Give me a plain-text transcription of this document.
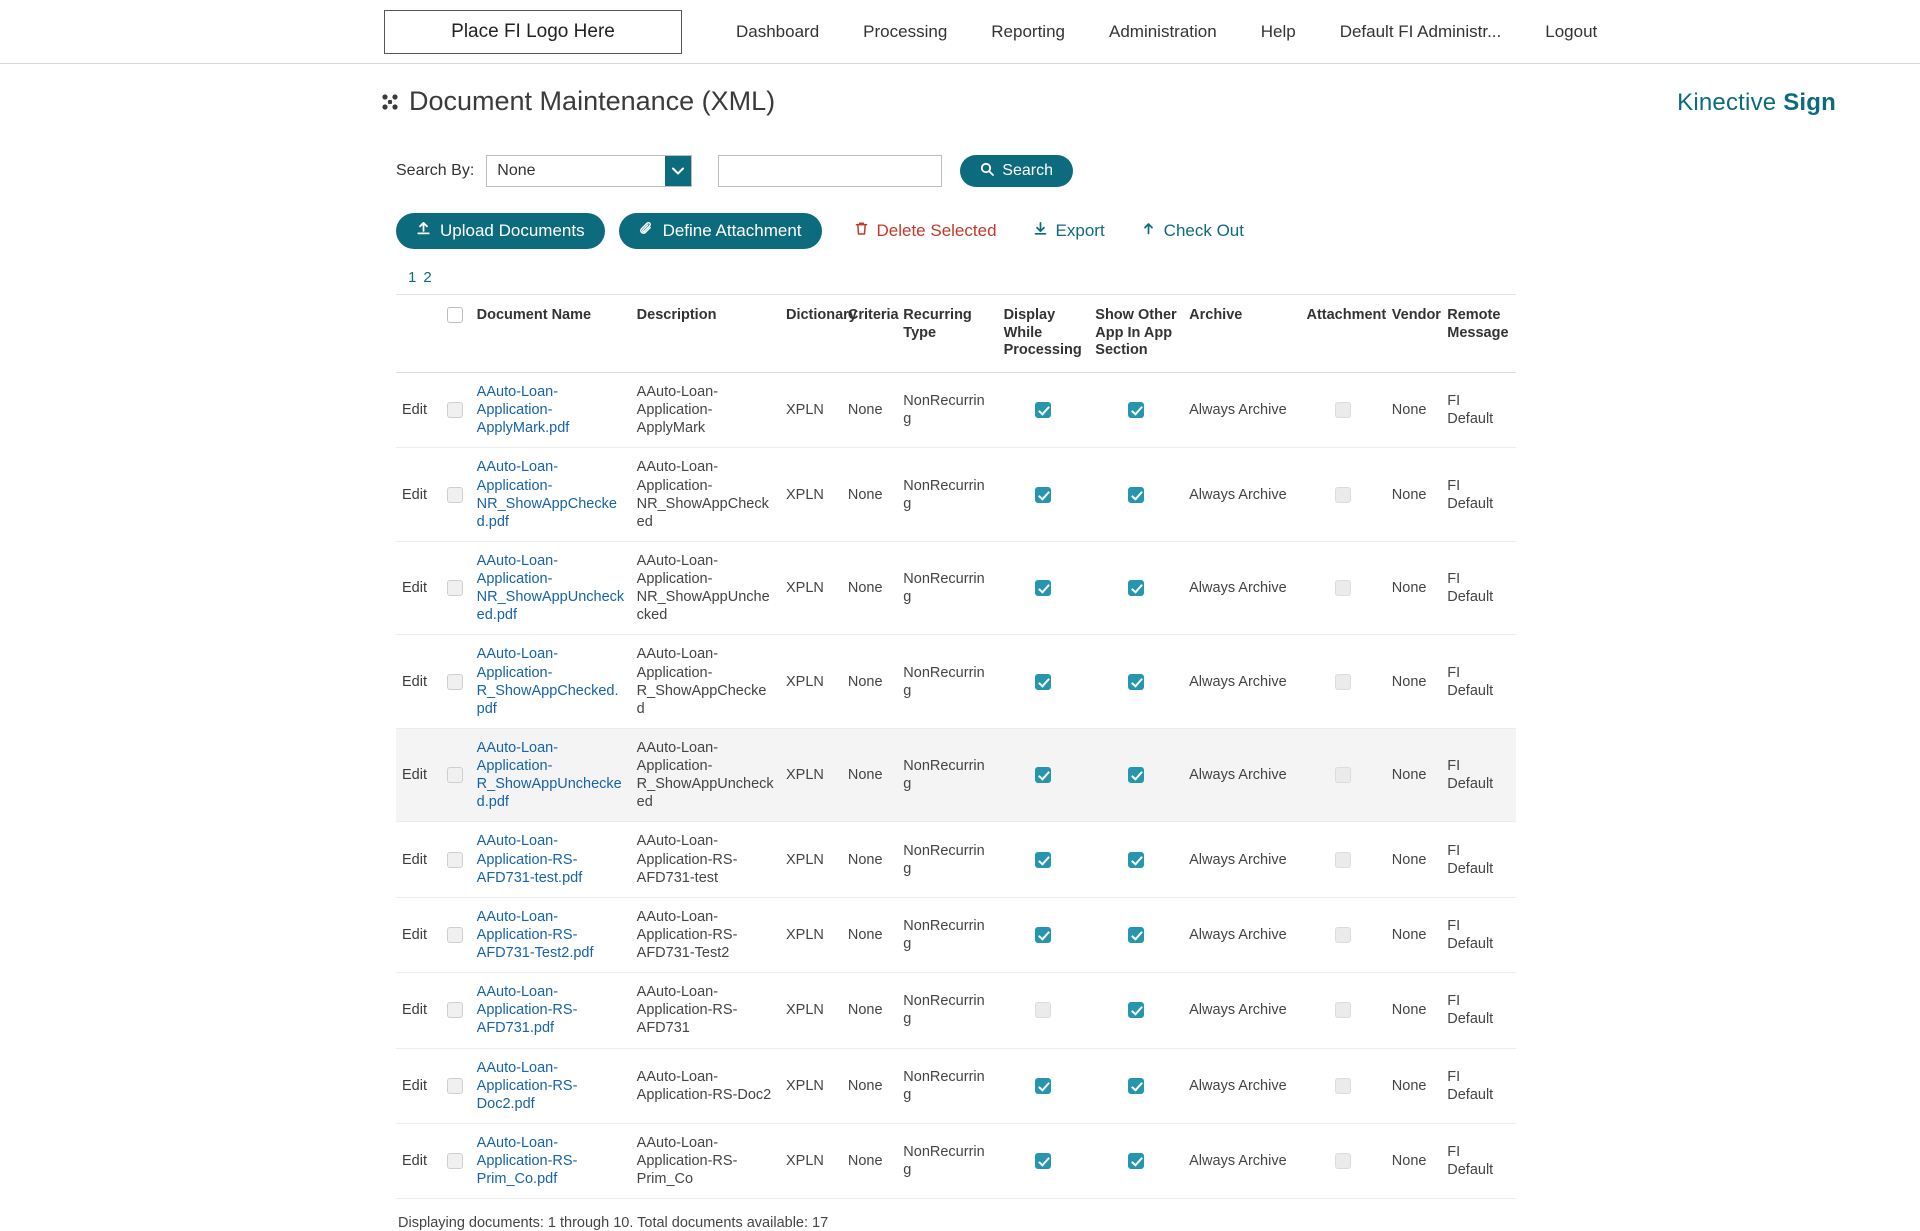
Place FI Logo Here	Dashboard	Processing	Reporting	Administration	Help	Default FI Administr...	Logout
Document Maintenance (XML)	Kinective Sign
Search By:	None	Search
Upload Documents	Define Attachment	Delete Selected	Export	Check Out
1 2
		Document Name	Description	Dictionary	Criteria	Recurring Type	Display While Processing	Show Other App In App Section	Archive	Attachment	Vendor	Remote Message
Edit		AAuto-Loan-Application-ApplyMark.pdf	AAuto-Loan-Application-ApplyMark	XPLN	None	NonRecurring			Always Archive		None	FI Default
Edit		AAuto-Loan-Application-NR_ShowAppChecked.pdf	AAuto-Loan-Application-NR_ShowAppChecked	XPLN	None	NonRecurring			Always Archive		None	FI Default
Edit		AAuto-Loan-Application-NR_ShowAppUnchecked.pdf	AAuto-Loan-Application-NR_ShowAppUnchecked	XPLN	None	NonRecurring			Always Archive		None	FI Default
Edit		AAuto-Loan-Application-R_ShowAppChecked.pdf	AAuto-Loan-Application-R_ShowAppChecked	XPLN	None	NonRecurring			Always Archive		None	FI Default
Edit		AAuto-Loan-Application-R_ShowAppUnchecked.pdf	AAuto-Loan-Application-R_ShowAppUnchecked	XPLN	None	NonRecurring			Always Archive		None	FI Default
Edit		AAuto-Loan-Application-RS-AFD731-test.pdf	AAuto-Loan-Application-RS-AFD731-test	XPLN	None	NonRecurring			Always Archive		None	FI Default
Edit		AAuto-Loan-Application-RS-AFD731-Test2.pdf	AAuto-Loan-Application-RS-AFD731-Test2	XPLN	None	NonRecurring			Always Archive		None	FI Default
Edit		AAuto-Loan-Application-RS-AFD731.pdf	AAuto-Loan-Application-RS-AFD731	XPLN	None	NonRecurring			Always Archive		None	FI Default
Edit		AAuto-Loan-Application-RS-Doc2.pdf	AAuto-Loan-Application-RS-Doc2	XPLN	None	NonRecurring			Always Archive		None	FI Default
Edit		AAuto-Loan-Application-RS-Prim_Co.pdf	AAuto-Loan-Application-RS-Prim_Co	XPLN	None	NonRecurring			Always Archive		None	FI Default
Displaying documents: 1 through 10. Total documents available: 17
